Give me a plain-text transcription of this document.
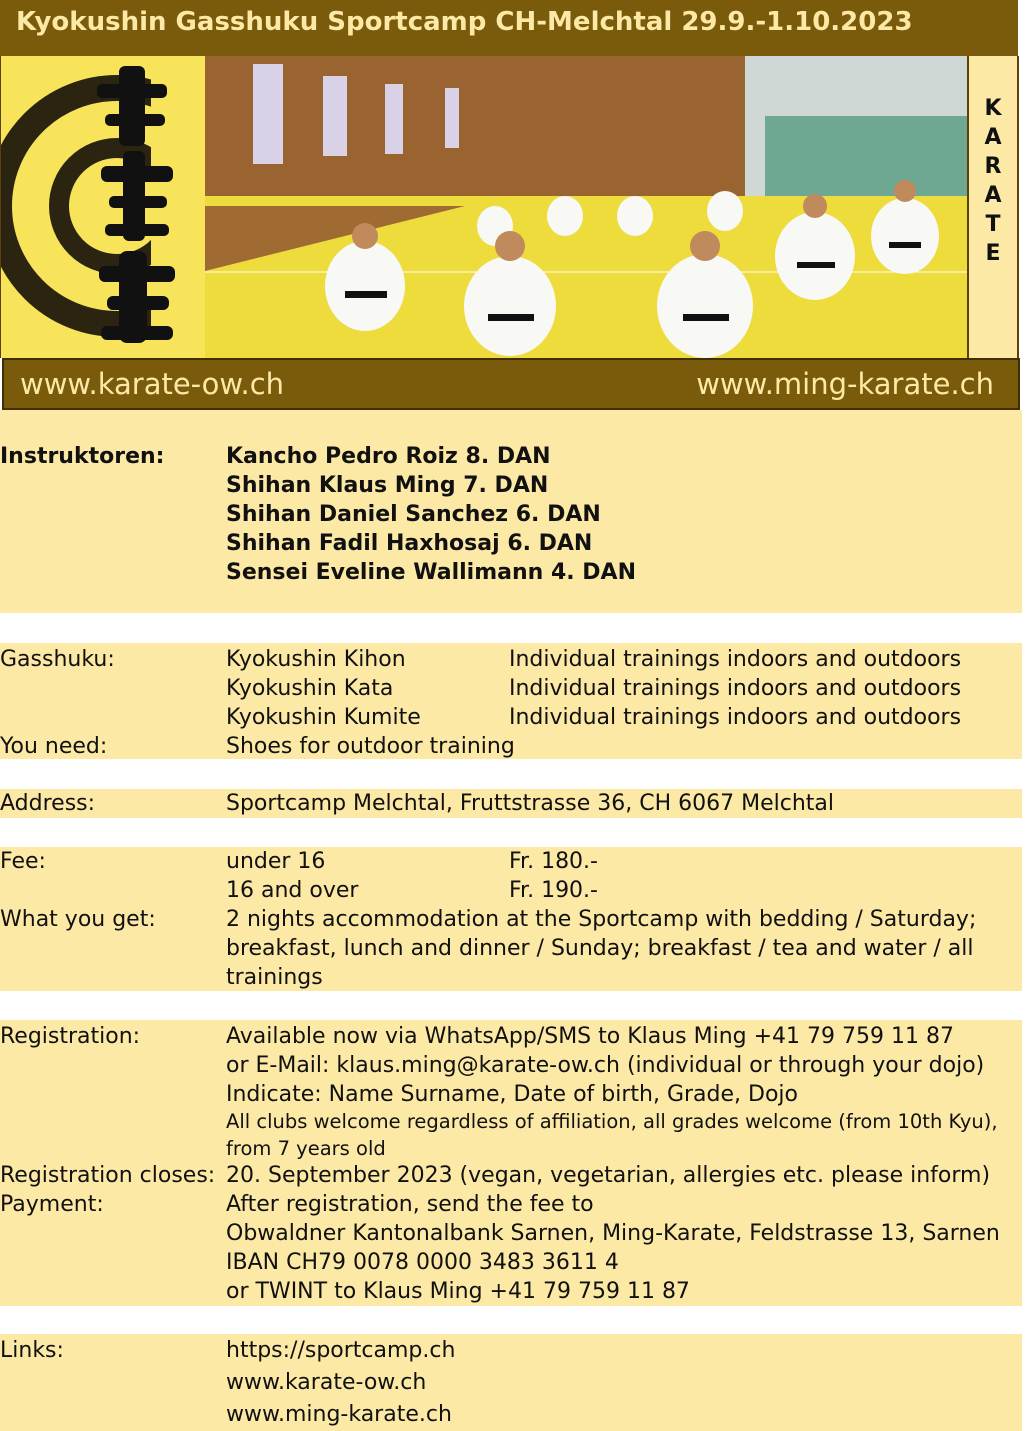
Kyokushin Gasshuku Sportcamp CH-Melchtal 29.9.-1.10.2023
K
A
R
A
T
E
www.karate-ow.ch	www.ming-karate.ch
Instruktoren:	Kancho Pedro Roiz 8. DAN
Shihan Klaus Ming 7. DAN
Shihan Daniel Sanchez 6. DAN
Shihan Fadil Haxhosaj 6. DAN
Sensei Eveline Wallimann 4. DAN
Gasshuku:	Kyokushin Kihon	Individual trainings indoors and outdoors
Kyokushin Kata	Individual trainings indoors and outdoors
Kyokushin Kumite	Individual trainings indoors and outdoors
You need:	Shoes for outdoor training
Address:	Sportcamp Melchtal, Fruttstrasse 36, CH 6067 Melchtal
Fee:	under 16	Fr. 180.-
16 and over	Fr. 190.-
What you get:	2 nights accommodation at the Sportcamp with bedding / Saturday;
breakfast, lunch and dinner / Sunday; breakfast / tea and water / all
trainings
Registration:	Available now via WhatsApp/SMS to Klaus Ming +41 79 759 11 87
or E-Mail: klaus.ming@karate-ow.ch (individual or through your dojo)
Indicate: Name Surname, Date of birth, Grade, Dojo
All clubs welcome regardless of affiliation, all grades welcome (from 10th Kyu),
from 7 years old
Registration closes: 20. September 2023 (vegan, vegetarian, allergies etc. please inform)
Payment:	After registration, send the fee to
Obwaldner Kantonalbank Sarnen, Ming-Karate, Feldstrasse 13, Sarnen
IBAN CH79 0078 0000 3483 3611 4
or TWINT to Klaus Ming +41 79 759 11 87
Links:	https://sportcamp.ch
www.karate-ow.ch
www.ming-karate.ch
